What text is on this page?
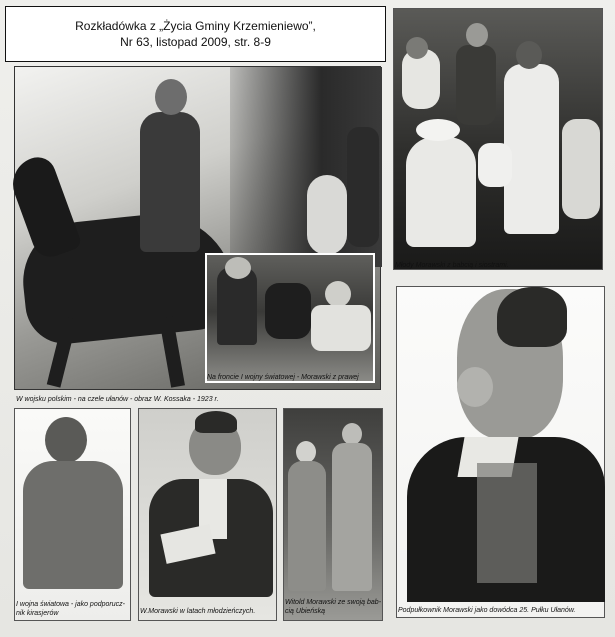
Rozkładówka z „Życia Gminy Krzemieniewo”,
Nr 63, listopad 2009, str. 8-9
W wojsku polskim - na czele ułanów - obraz W. Kossaka - 1923 r.
Na froncie I wojny światowej - Morawski z prawej
Młody Morawski z babcią i siostrami.
I wojna światowa - jako podporucz-
nik kirasjerów	W.Morawski w latach młodzieńczych.
Witold Morawski ze swoją bab-
cią Ubieńską	Podpułkownik Morawski jako dowódca 25. Pułku Ułanów.
